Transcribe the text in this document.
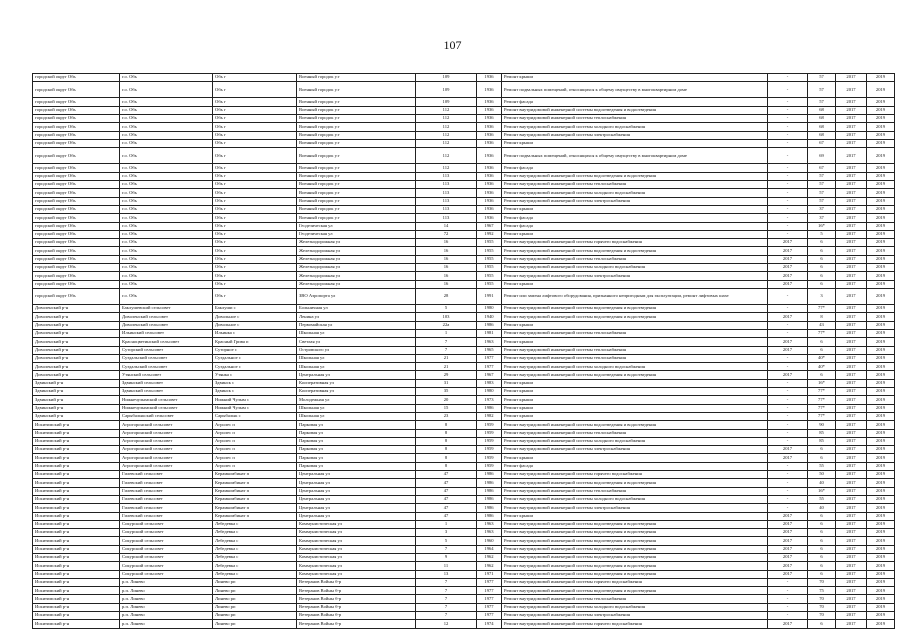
107
городской округ Обь	г.о. Обь	Обь г	Военный городок у.т	109	1936	Ремонт крыши	-	57	2017	2019
городской округ Обь	г.о. Обь	Обь г	Военный городок у.т	109	1936	Ремонт подвальных помещений, относящихся к общему имуществу в многоквартирном доме	-	57	2017	2019
городской округ Обь	г.о. Обь	Обь г	Военный городок у.т	109	1936	Ремонт фасада	-	57	2017	2019
городской округ Обь	г.о. Обь	Обь г	Военный городок у.т	112	1936	Ремонт внутридомовой инженерной системы водоотведения и водоотведения	-	68	2017	2019
городской округ Обь	г.о. Обь	Обь г	Военный городок у.т	112	1936	Ремонт внутридомовой инженерной системы теплоснабжения	-	68	2017	2019
городской округ Обь	г.о. Обь	Обь г	Военный городок у.т	112	1936	Ремонт внутридомовой инженерной системы холодного водоснабжения	-	68	2017	2019
городской округ Обь	г.о. Обь	Обь г	Военный городок у.т	112	1936	Ремонт внутридомовой инженерной системы электроснабжения	-	68	2017	2019
городской округ Обь	г.о. Обь	Обь г	Военный городок у.т	112	1936	Ремонт крыши	-	67	2017	2019
городской округ Обь	г.о. Обь	Обь г	Военный городок у.т	112	1936	Ремонт подвальных помещений, относящихся к общему имуществу в многоквартирном доме	-	69	2017	2019
городской округ Обь	г.о. Обь	Обь г	Военный городок у.т	112	1936	Ремонт фасада	-	67	2017	2019
городской округ Обь	г.о. Обь	Обь г	Военный городок у.т	113	1936	Ремонт внутридомовой инженерной системы водоотведения и водоотведения	-	57	2017	2019
городской округ Обь	г.о. Обь	Обь г	Военный городок у.т	113	1936	Ремонт внутридомовой инженерной системы теплоснабжения	-	57	2017	2019
городской округ Обь	г.о. Обь	Обь г	Военный городок у.т	113	1936	Ремонт внутридомовой инженерной системы холодного водоснабжения	-	57	2017	2019
городской округ Обь	г.о. Обь	Обь г	Военный городок у.т	113	1936	Ремонт внутридомовой инженерной системы электроснабжения	-	57	2017	2019
городской округ Обь	г.о. Обь	Обь г	Военный городок у.т	113	1936	Ремонт крыши	-	37	2017	2019
городской округ Обь	г.о. Обь	Обь г	Военный городок у.т	113	1936	Ремонт фасада	-	37	2017	2019
городской округ Обь	г.о. Обь	Обь г	Геодезическая ул	14	1967	Ремонт фасада	-	16*	2017	2019
городской округ Обь	г.о. Обь	Обь г	Геодезическая ул	72	1992	Ремонт крыши	-	5	2017	2019
городской округ Обь	г.о. Обь	Обь г	Железнодорожная ул	16	1955	Ремонт внутридомовой инженерной системы горячего водоснабжения	2017	6	2017	2019
городской округ Обь	г.о. Обь	Обь г	Железнодорожная ул	16	1955	Ремонт внутридомовой инженерной системы водоотведения и водоотведения	2017	6	2017	2019
городской округ Обь	г.о. Обь	Обь г	Железнодорожная ул	16	1955	Ремонт внутридомовой инженерной системы теплоснабжения	2017	6	2017	2019
городской округ Обь	г.о. Обь	Обь г	Железнодорожная ул	16	1955	Ремонт внутридомовой инженерной системы холодного водоснабжения	2017	6	2017	2019
городской округ Обь	г.о. Обь	Обь г	Железнодорожная ул	16	1955	Ремонт внутридомовой инженерной системы электроснабжения	2017	6	2017	2019
городской округ Обь	г.о. Обь	Обь г	Железнодорожная ул	16	1955	Ремонт крыши	2017	6	2017	2019
городской округ Обь	г.о. Обь	Обь г	ЗВО Аэропорта ул	28	1991	Ремонт или замена лифтового оборудования, признанного непригодным для эксплуатации, ремонт лифтовых шахт	-	3	2017	2019
Доволенский р-н	Баклушевский сельсовет	Баклуши с	Больничная ул	5	1980	Ремонт внутридомовой инженерной системы водоотведения и водоотведения	-	77*	2017	2019
Доволенский р-н	Доволенский сельсовет	Довольное с	Ленина ул	103	1940	Ремонт внутридомовой инженерной системы водоотведения и водоотведения	2017	8	2017	2019
Доволенский р-н	Доволенский сельсовет	Довольное с	Первомайская ул	22а	1986	Ремонт крыши	-	43	2017	2019
Доволенский р-н	Ильинский сельсовет	Ильинка с	Школьная ул	1	1981	Ремонт внутридомовой инженерной системы теплоснабжения	-	77*	2017	2019
Доволенский р-н	Красноцветинский сельсовет	Красный Грива п	Светлая ул	7	1963	Ремонт крыши	2017	6	2017	2019
Доволенский р-н	Суторский сельсовет	Суторное с	Островского ул	7	1965	Ремонт внутридомовой инженерной системы теплоснабжения	2017	6	2017	2019
Доволенский р-н	Суздальский сельсовет	Суздальное с	Школьная ул	21	1977	Ремонт внутридомовой инженерной системы теплоснабжения	-	40*	2017	2019
Доволенский р-н	Суздальский сельсовет	Суздальное с	Школьная ул	21	1977	Ремонт внутридомовой инженерной системы холодного водоснабжения	-	40*	2017	2019
Доволенский р-н	Утянский сельсовет	Утянка с	Центральная ул	29	1967	Ремонт внутридомовой инженерной системы водоотведения и водоотведения	2017	6	2017	2019
Здвинский р-н	Здвинский сельсовет	Здвинск с	Кооперативная ул	31	1983	Ремонт крыши	-	16*	2017	2019
Здвинский р-н	Здвинский сельсовет	Здвинск с	Кооперативная ул	35	1980	Ремонт крыши	-	77*	2017	2019
Здвинский р-н	Нижнечулымский сельсовет	Нижний Чулым с	Молодежная ул	20	1973	Ремонт крыши	-	77*	2017	2019
Здвинский р-н	Нижнечулымский сельсовет	Нижний Чулым с	Школьная ул	15	1986	Ремонт крыши	-	77*	2017	2019
Здвинский р-н	Сарыбалыкский сельсовет	Сарыбалык с	Школьная ул	23	1982	Ремонт крыши	-	77*	2017	2019
Искитимский р-н	Агрогоронский сельсовет	Агролес п	Парковая ул	8	1959	Ремонт внутридомовой инженерной системы водоотведения и водоотведения	-	90	2017	2019
Искитимский р-н	Агрогоронский сельсовет	Агролес п	Парковая ул	8	1959	Ремонт внутридомовой инженерной системы теплоснабжения	-	85	2017	2019
Искитимский р-н	Агрогоронский сельсовет	Агролес п	Парковая ул	8	1959	Ремонт внутридомовой инженерной системы холодного водоснабжения	-	85	2017	2019
Искитимский р-н	Агрогоронский сельсовет	Агролес п	Парковая ул	8	1959	Ремонт внутридомовой инженерной системы электроснабжения	2017	6	2017	2019
Искитимский р-н	Агрогоронский сельсовет	Агролес п	Парковая ул	8	1959	Ремонт крыши	2017	6	2017	2019
Искитимский р-н	Агрогоронский сельсовет	Агролес п	Парковая ул	8	1959	Ремонт фасада	-	55	2017	2019
Искитимский р-н	Гилевский сельсовет	Керамкомбинат п	Центральная ул	47	1986	Ремонт внутридомовой инженерной системы горячего водоснабжения	-	50	2017	2019
Искитимский р-н	Гилевский сельсовет	Керамкомбинат п	Центральная ул	47	1986	Ремонт внутридомовой инженерной системы водоотведения и водоотведения	-	40	2017	2019
Искитимский р-н	Гилевский сельсовет	Керамкомбинат п	Центральная ул	47	1986	Ремонт внутридомовой инженерной системы теплоснабжения	-	16*	2017	2019
Искитимский р-н	Гилевский сельсовет	Керамкомбинат п	Центральная ул	47	1986	Ремонт внутридомовой инженерной системы холодного водоснабжения	-	55	2017	2019
Искитимский р-н	Гилевский сельсовет	Керамкомбинат п	Центральная ул	47	1986	Ремонт внутридомовой инженерной системы электроснабжения	-	40	2017	2019
Искитимский р-н	Гилевский сельсовет	Керамкомбинат п	Центральная ул	47	1986	Ремонт крыши	2017	6	2017	2019
Искитимский р-н	Сокурский сельсовет	Лебедевка с	Коммунистическая ул	1	1963	Ремонт внутридомовой инженерной системы водоотведения и водоотведения	2017	6	2017	2019
Искитимский р-н	Сокурский сельсовет	Лебедевка с	Коммунистическая ул	3	1963	Ремонт внутридомовой инженерной системы водоотведения и водоотведения	2017	6	2017	2019
Искитимский р-н	Сокурский сельсовет	Лебедевка с	Коммунистическая ул	5	1960	Ремонт внутридомовой инженерной системы водоотведения и водоотведения	2017	6	2017	2019
Искитимский р-н	Сокурский сельсовет	Лебедевка с	Коммунистическая ул	7	1964	Ремонт внутридомовой инженерной системы водоотведения и водоотведения	2017	6	2017	2019
Искитимский р-н	Сокурский сельсовет	Лебедевка с	Коммунистическая ул	9	1962	Ремонт внутридомовой инженерной системы водоотведения и водоотведения	2017	6	2017	2019
Искитимский р-н	Сокурский сельсовет	Лебедевка с	Коммунистическая ул	11	1962	Ремонт внутридомовой инженерной системы водоотведения и водоотведения	2017	6	2017	2019
Искитимский р-н	Сокурский сельсовет	Лебедевка с	Коммунистическая ул	13	1971	Ремонт внутридомовой инженерной системы водоотведения и водоотведения	2017	6	2017	2019
Искитимский р-н	р.п. Линево	Линево рп	Ветеранов Войны б-р	7	1977	Ремонт внутридомовой инженерной системы горячего водоснабжения	-	70	2017	2019
Искитимский р-н	р.п. Линево	Линево рп	Ветеранов Войны б-р	7	1977	Ремонт внутридомовой инженерной системы водоотведения и водоотведения	-	75	2017	2019
Искитимский р-н	р.п. Линево	Линево рп	Ветеранов Войны б-р	7	1977	Ремонт внутридомовой инженерной системы теплоснабжения	-	70	2017	2019
Искитимский р-н	р.п. Линево	Линево рп	Ветеранов Войны б-р	7	1977	Ремонт внутридомовой инженерной системы холодного водоснабжения	-	70	2017	2019
Искитимский р-н	р.п. Линево	Линево рп	Ветеранов Войны б-р	7	1977	Ремонт внутридомовой инженерной системы электроснабжения	-	70	2017	2019
Искитимский р-н	р.п. Линево	Линево рп	Ветеранов Войны б-р	12	1974	Ремонт внутридомовой инженерной системы горячего водоснабжения	2017	6	2017	2019
